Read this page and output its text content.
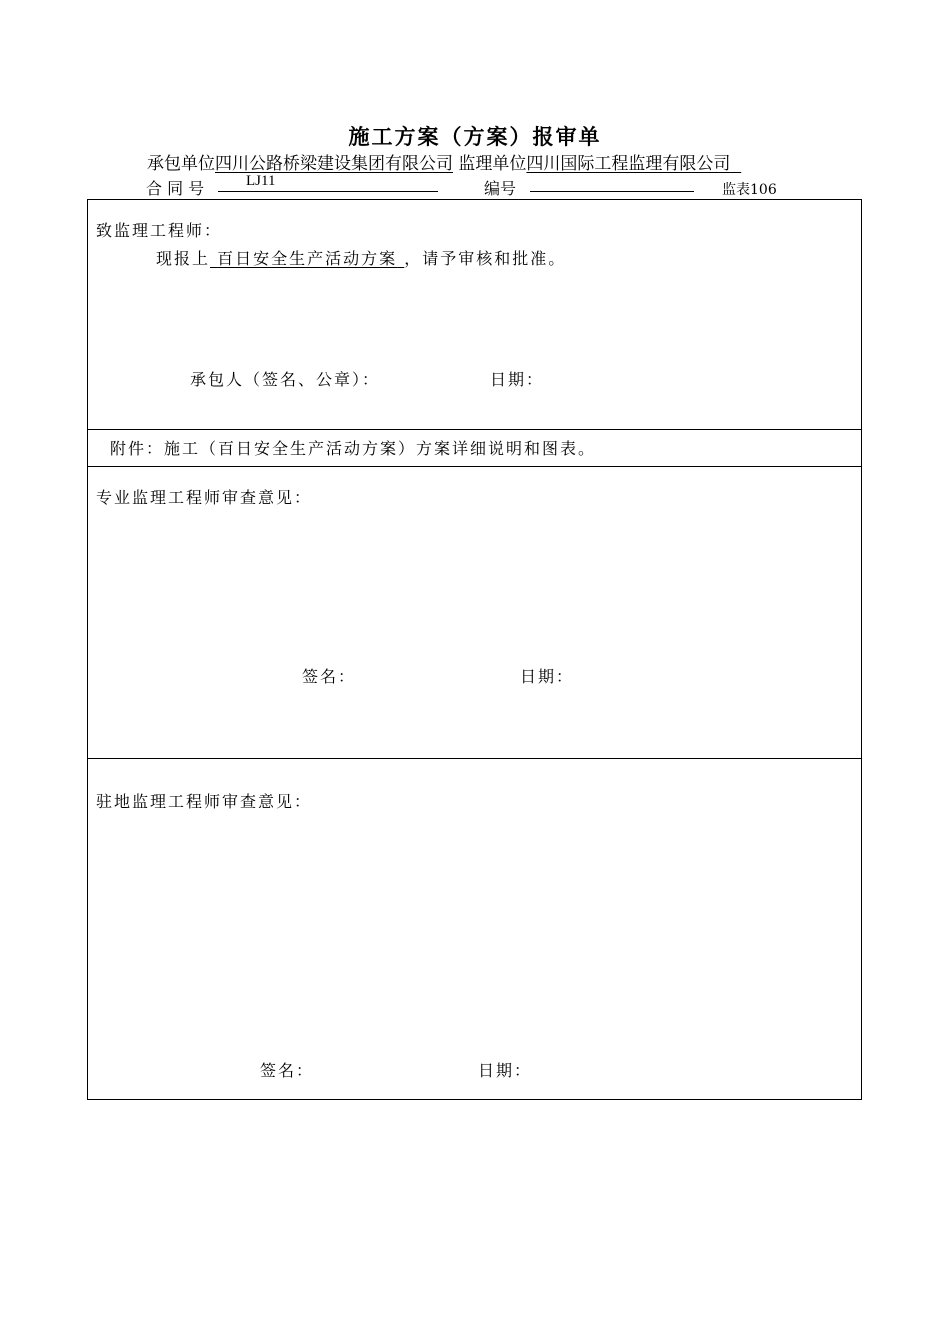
施工方案（方案）报审单
承包单位四川公路桥梁建设集团有限公司 监理单位四川国际工程监理有限公司
合 同 号	LJ11	编号	监表106
致监理工程师：
现报上 百日安全生产活动方案 ，请予审核和批准。
承包人（签名、公章）：	日期：
附件：施工（百日安全生产活动方案）方案详细说明和图表。
专业监理工程师审查意见：
签名：	日期：
驻地监理工程师审查意见：
签名：	日期：
